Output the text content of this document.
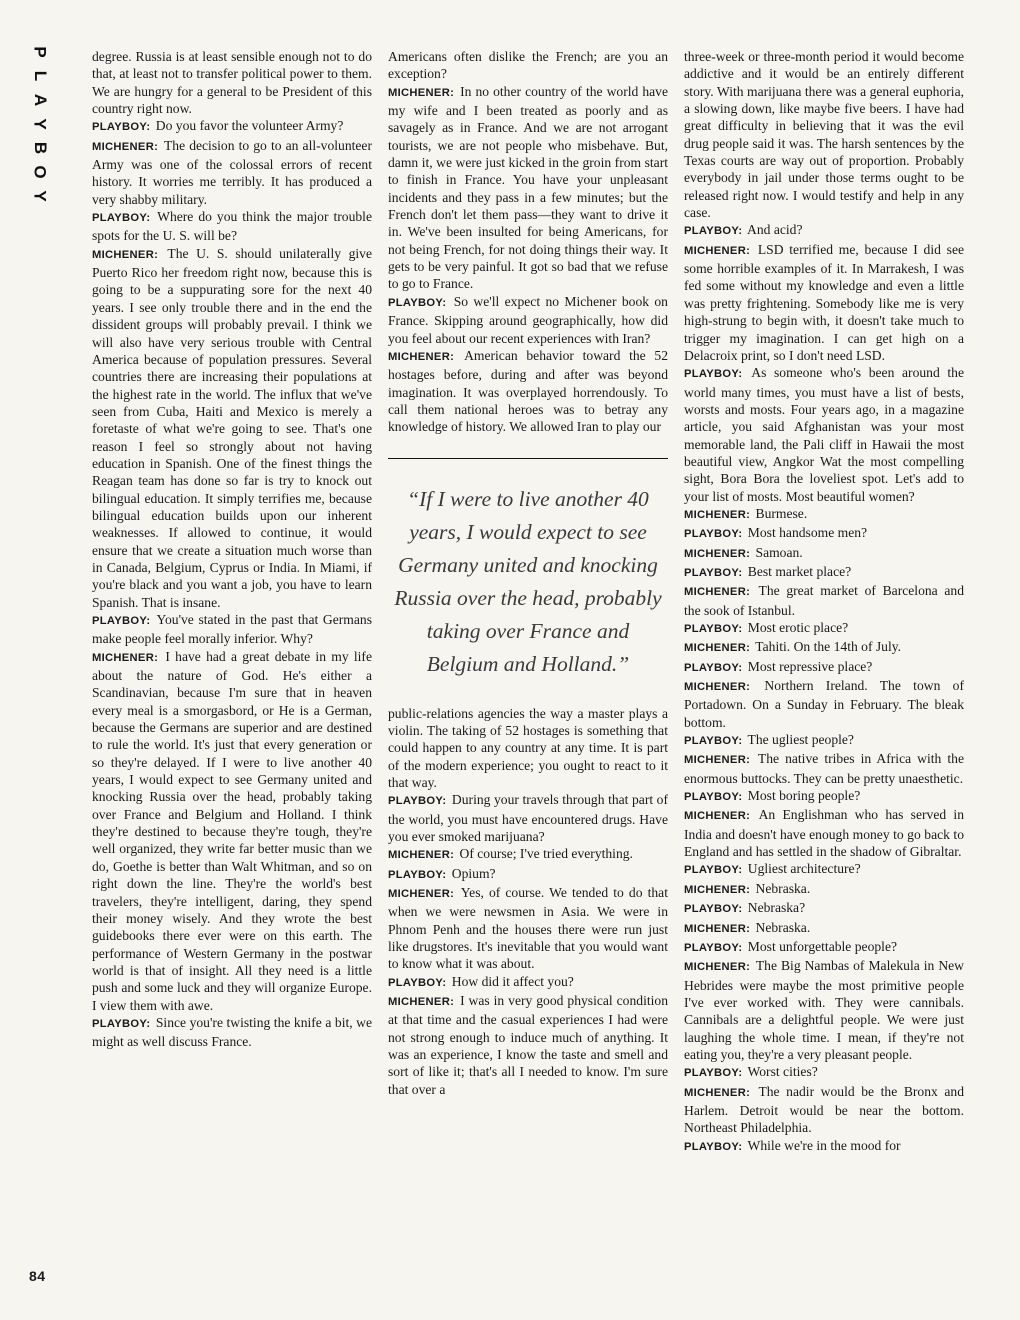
P
L
A
Y
B
O
Y
84

degree. Russia is at least sensible enough not to do that, at least not to transfer political power to them. We are hungry for a general to be President of this country right now.

PLAYBOY: Do you favor the volunteer Army?

MICHENER: The decision to go to an all-volunteer Army was one of the colossal errors of recent history. It worries me terribly. It has produced a very shabby military.

PLAYBOY: Where do you think the major trouble spots for the U. S. will be?

MICHENER: The U. S. should unilaterally give Puerto Rico her freedom right now, because this is going to be a suppurating sore for the next 40 years. I see only trouble there and in the end the dissident groups will probably prevail. I think we will also have very serious trouble with Central America because of population pressures. Several countries there are increasing their populations at the highest rate in the world. The influx that we've seen from Cuba, Haiti and Mexico is merely a foretaste of what we're going to see. That's one reason I feel so strongly about not having education in Spanish. One of the finest things the Reagan team has done so far is try to knock out bilingual education. It simply terrifies me, because bilingual education builds upon our inherent weaknesses. If allowed to continue, it would ensure that we create a situation much worse than in Canada, Belgium, Cyprus or India. In Miami, if you're black and you want a job, you have to learn Spanish. That is insane.

PLAYBOY: You've stated in the past that Germans make people feel morally inferior. Why?

MICHENER: I have had a great debate in my life about the nature of God. He's either a Scandinavian, because I'm sure that in heaven every meal is a smorgasbord, or He is a German, because the Germans are superior and are destined to rule the world. It's just that every generation or so they're delayed. If I were to live another 40 years, I would expect to see Germany united and knocking Russia over the head, probably taking over France and Belgium and Holland. I think they're destined to because they're tough, they're well organized, they write far better music than we do, Goethe is better than Walt Whitman, and so on right down the line. They're the world's best travelers, they're intelligent, daring, they spend their money wisely. And they wrote the best guidebooks there ever were on this earth. The performance of Western Germany in the postwar world is that of insight. All they need is a little push and some luck and they will organize Europe. I view them with awe.

PLAYBOY: Since you're twisting the knife a bit, we might as well discuss France.

Americans often dislike the French; are you an exception?

MICHENER: In no other country of the world have my wife and I been treated as poorly and as savagely as in France. And we are not arrogant tourists, we are not people who misbehave. But, damn it, we were just kicked in the groin from start to finish in France. You have your unpleasant incidents and they pass in a few minutes; but the French don't let them pass—they want to drive it in. We've been insulted for being Americans, for not being French, for not doing things their way. It gets to be very painful. It got so bad that we refuse to go to France.

PLAYBOY: So we'll expect no Michener book on France. Skipping around geographically, how did you feel about our recent experiences with Iran?

MICHENER: American behavior toward the 52 hostages before, during and after was beyond imagination. It was overplayed horrendously. To call them national heroes was to betray any knowledge of history. We allowed Iran to play our

“If I were to live another 40 years, I would expect to see Germany united and knocking Russia over the head, probably taking over France and Belgium and Holland.”

public-relations agencies the way a master plays a violin. The taking of 52 hostages is something that could happen to any country at any time. It is part of the modern experience; you ought to react to it that way.

PLAYBOY: During your travels through that part of the world, you must have encountered drugs. Have you ever smoked marijuana?

MICHENER: Of course; I've tried everything.

PLAYBOY: Opium?

MICHENER: Yes, of course. We tended to do that when we were newsmen in Asia. We were in Phnom Penh and the houses there were run just like drugstores. It's inevitable that you would want to know what it was about.

PLAYBOY: How did it affect you?

MICHENER: I was in very good physical condition at that time and the casual experiences I had were not strong enough to induce much of anything. It was an experience, I know the taste and smell and sort of like it; that's all I needed to know. I'm sure that over a

three-week or three-month period it would become addictive and it would be an entirely different story. With marijuana there was a general euphoria, a slowing down, like maybe five beers. I have had great difficulty in believing that it was the evil drug people said it was. The harsh sentences by the Texas courts are way out of proportion. Probably everybody in jail under those terms ought to be released right now. I would testify and help in any case.

PLAYBOY: And acid?

MICHENER: LSD terrified me, because I did see some horrible examples of it. In Marrakesh, I was fed some without my knowledge and even a little was pretty frightening. Somebody like me is very high-strung to begin with, it doesn't take much to trigger my imagination. I can get high on a Delacroix print, so I don't need LSD.

PLAYBOY: As someone who's been around the world many times, you must have a list of bests, worsts and mosts. Four years ago, in a magazine article, you said Afghanistan was your most memorable land, the Pali cliff in Hawaii the most beautiful view, Angkor Wat the most compelling sight, Bora Bora the loveliest spot. Let's add to your list of mosts. Most beautiful women?

MICHENER: Burmese.

PLAYBOY: Most handsome men?

MICHENER: Samoan.

PLAYBOY: Best market place?

MICHENER: The great market of Barcelona and the sook of Istanbul.

PLAYBOY: Most erotic place?

MICHENER: Tahiti. On the 14th of July.

PLAYBOY: Most repressive place?

MICHENER: Northern Ireland. The town of Portadown. On a Sunday in February. The bleak bottom.

PLAYBOY: The ugliest people?

MICHENER: The native tribes in Africa with the enormous buttocks. They can be pretty unaesthetic.

PLAYBOY: Most boring people?

MICHENER: An Englishman who has served in India and doesn't have enough money to go back to England and has settled in the shadow of Gibraltar.

PLAYBOY: Ugliest architecture?

MICHENER: Nebraska.

PLAYBOY: Nebraska?

MICHENER: Nebraska.

PLAYBOY: Most unforgettable people?

MICHENER: The Big Nambas of Malekula in New Hebrides were maybe the most primitive people I've ever worked with. They were cannibals. Cannibals are a delightful people. We were just laughing the whole time. I mean, if they're not eating you, they're a very pleasant people.

PLAYBOY: Worst cities?

MICHENER: The nadir would be the Bronx and Harlem. Detroit would be near the bottom. Northeast Philadelphia.

PLAYBOY: While we're in the mood for
